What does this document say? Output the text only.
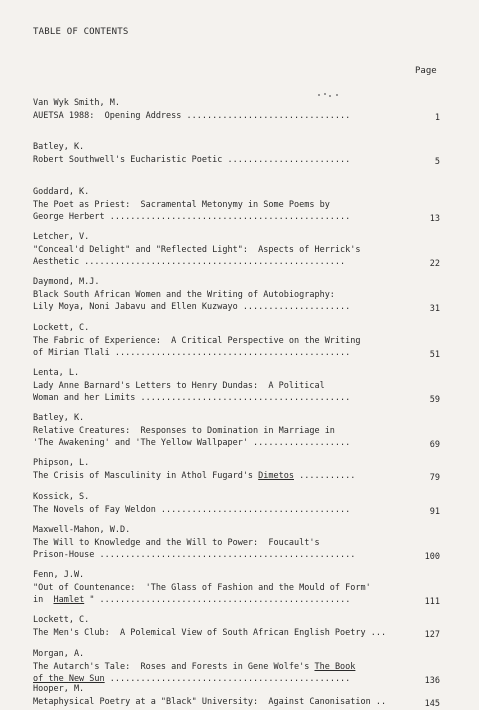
TABLE OF CONTENTS
Page
Van Wyk Smith, M.
AUETSA 1988:  Opening Address ................................	1
Batley, K.
Robert Southwell's Eucharistic Poetic ........................	5
Goddard, K.
The Poet as Priest:  Sacramental Metonymy in Some Poems by
George Herbert ...............................................	13
Letcher, V.
"Conceal'd Delight" and "Reflected Light":  Aspects of Herrick's
Aesthetic ...................................................	22
Daymond, M.J.
Black South African Women and the Writing of Autobiography:
Lily Moya, Noni Jabavu and Ellen Kuzwayo .....................	31
Lockett, C.
The Fabric of Experience:  A Critical Perspective on the Writing
of Mirian Tlali ..............................................	51
Lenta, L.
Lady Anne Barnard's Letters to Henry Dundas:  A Political
Woman and her Limits .........................................	59
Batley, K.
Relative Creatures:  Responses to Domination in Marriage in
'The Awakening' and 'The Yellow Wallpaper' ...................	69
Phipson, L.
The Crisis of Masculinity in Athol Fugard's Dimetos ...........	79
Kossick, S.
The Novels of Fay Weldon .....................................	91
Maxwell-Mahon, W.D.
The Will to Knowledge and the Will to Power:  Foucault's
Prison-House ..................................................	100
Fenn, J.W.
"Out of Countenance:  'The Glass of Fashion and the Mould of Form'
in  Hamlet " .................................................	111
Lockett, C.
The Men's Club:  A Polemical View of South African English Poetry ...	127
Morgan, A.
The Autarch's Tale:  Roses and Forests in Gene Wolfe's The Book
of the New Sun ...............................................	136
Hooper, M.
Metaphysical Poetry at a "Black" University:  Against Canonisation ..	145
